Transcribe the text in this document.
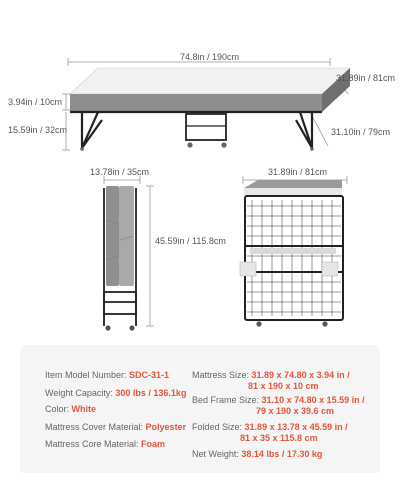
74.8in / 190cm
31.89in / 81cm
3.94in / 10cm
15.59in / 32cm	31.10in / 79cm
13.78in / 35cm
45.59in / 115.8cm
31.89in / 81cm
Item Model Number: SDC-31-1
Weight Capacity: 300 lbs / 136.1kg
Color: White
Mattress Cover Material: Polyester
Mattress Core Material: Foam
Mattress Size: 31.89 x 74.80 x 3.94 in /
81 x 190 x 10 cm
Bed Frame Size: 31.10 x 74.80 x 15.59 in /
79 x 190 x 39.6 cm
Folded Size: 31.89 x 13.78 x 45.59 in /
81 x 35 x 115.8 cm
Net Weight: 38.14 lbs / 17.30 kg
